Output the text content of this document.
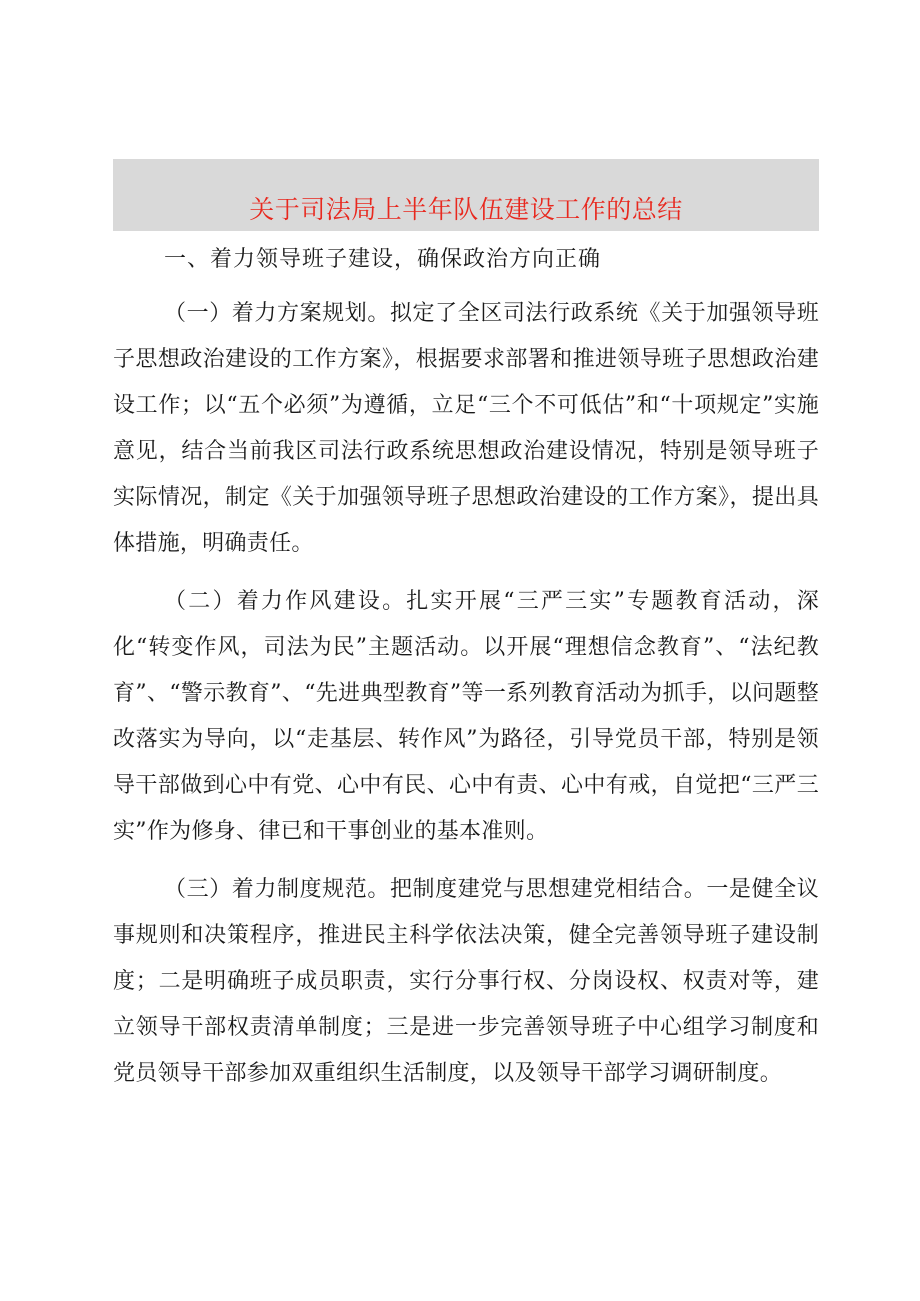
关于司法局上半年队伍建设工作的总结
一、着力领导班子建设，确保政治方向正确

（一）着力方案规划。拟定了全区司法行政系统《关于加强领导班子思想政治建设的工作方案》，根据要求部署和推进领导班子思想政治建设工作；以“五个必须”为遵循，立足“三个不可低估”和“十项规定”实施意见，结合当前我区司法行政系统思想政治建设情况，特别是领导班子实际情况，制定《关于加强领导班子思想政治建设的工作方案》，提出具体措施，明确责任。

（二）着力作风建设。扎实开展“三严三实”专题教育活动，深化“转变作风，司法为民”主题活动。以开展“理想信念教育”、“法纪教育”、“警示教育”、“先进典型教育”等一系列教育活动为抓手，以问题整改落实为导向，以“走基层、转作风”为路径，引导党员干部，特别是领导干部做到心中有党、心中有民、心中有责、心中有戒，自觉把“三严三实”作为修身、律已和干事创业的基本准则。

（三）着力制度规范。把制度建党与思想建党相结合。一是健全议事规则和决策程序，推进民主科学依法决策，健全完善领导班子建设制度；二是明确班子成员职责，实行分事行权、分岗设权、权责对等，建立领导干部权责清单制度；三是进一步完善领导班子中心组学习制度和党员领导干部参加双重组织生活制度，以及领导干部学习调研制度。
